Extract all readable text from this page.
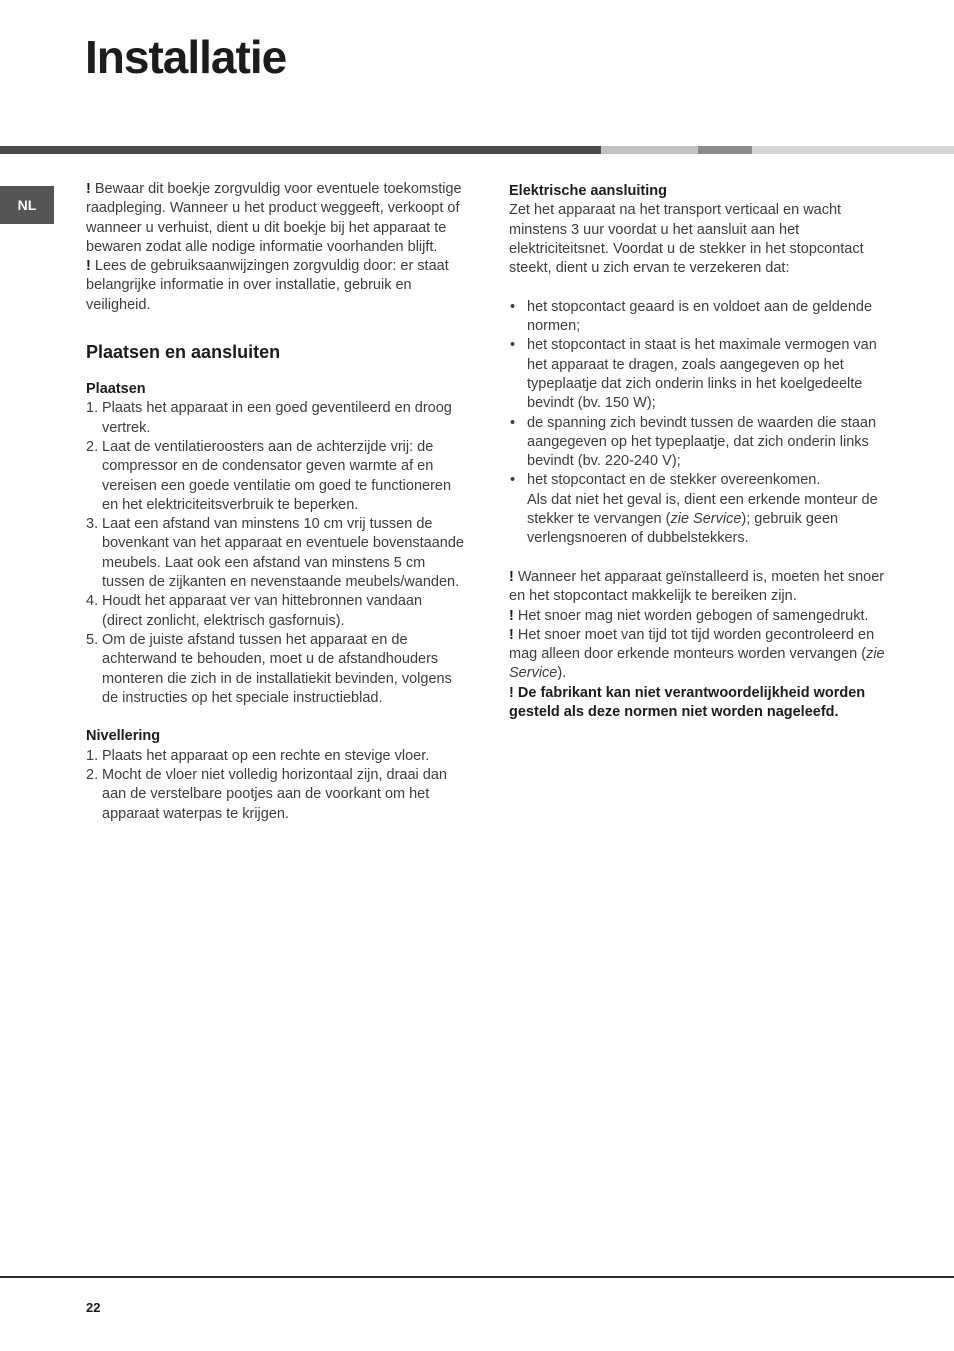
Installatie
NL

! Bewaar dit boekje zorgvuldig voor eventuele toekomstige raadpleging. Wanneer u het product weggeeft, verkoopt of wanneer u verhuist, dient u dit boekje bij het apparaat te bewaren zodat alle nodige informatie voorhanden blijft.

! Lees de gebruiksaanwijzingen zorgvuldig door: er staat belangrijke informatie in over installatie, gebruik en veiligheid.

Plaatsen en aansluiten
Plaatsen
1. Plaats het apparaat in een goed geventileerd en droog vertrek.
2. Laat de ventilatieroosters aan de achterzijde vrij: de compressor en de condensator geven warmte af en vereisen een goede ventilatie om goed te functioneren en het elektriciteitsverbruik te beperken.
3. Laat een afstand van minstens 10 cm vrij tussen de bovenkant van het apparaat en eventuele bovenstaande meubels. Laat ook een afstand van minstens 5 cm tussen de zijkanten en nevenstaande meubels/wanden.
4. Houdt het apparaat ver van hittebronnen vandaan (direct zonlicht, elektrisch gasfornuis).
5. Om de juiste afstand tussen het apparaat en de achterwand te behouden, moet u de afstandhouders monteren die zich in de installatiekit bevinden, volgens de instructies op het speciale instructieblad.
Nivellering
1. Plaats het apparaat op een rechte en stevige vloer.
2. Mocht de vloer niet volledig horizontaal zijn, draai dan aan de verstelbare pootjes aan de voorkant om het apparaat waterpas te krijgen.
Elektrische aansluiting

Zet het apparaat na het transport verticaal en wacht minstens 3 uur voordat u het aansluit aan het elektriciteitsnet. Voordat u de stekker in het stopcontact steekt, dient u zich ervan te verzekeren dat:

• het stopcontact geaard is en voldoet aan de geldende normen;
• het stopcontact in staat is het maximale vermogen van het apparaat te dragen, zoals aangegeven op het typeplaatje dat zich onderin links in het koelgedeelte bevindt (bv. 150 W);
• de spanning zich bevindt tussen de waarden die staan aangegeven op het typeplaatje, dat zich onderin links bevindt (bv. 220-240 V);
• het stopcontact en de stekker overeenkomen.
Als dat niet het geval is, dient een erkende monteur de stekker te vervangen (zie Service); gebruik geen verlengsnoeren of dubbelstekkers.

! Wanneer het apparaat geïnstalleerd is, moeten het snoer en het stopcontact makkelijk te bereiken zijn.

! Het snoer mag niet worden gebogen of samengedrukt.

! Het snoer moet van tijd tot tijd worden gecontroleerd en mag alleen door erkende monteurs worden vervangen (zie Service).

! De fabrikant kan niet verantwoordelijkheid worden gesteld als deze normen niet worden nageleefd.

22
